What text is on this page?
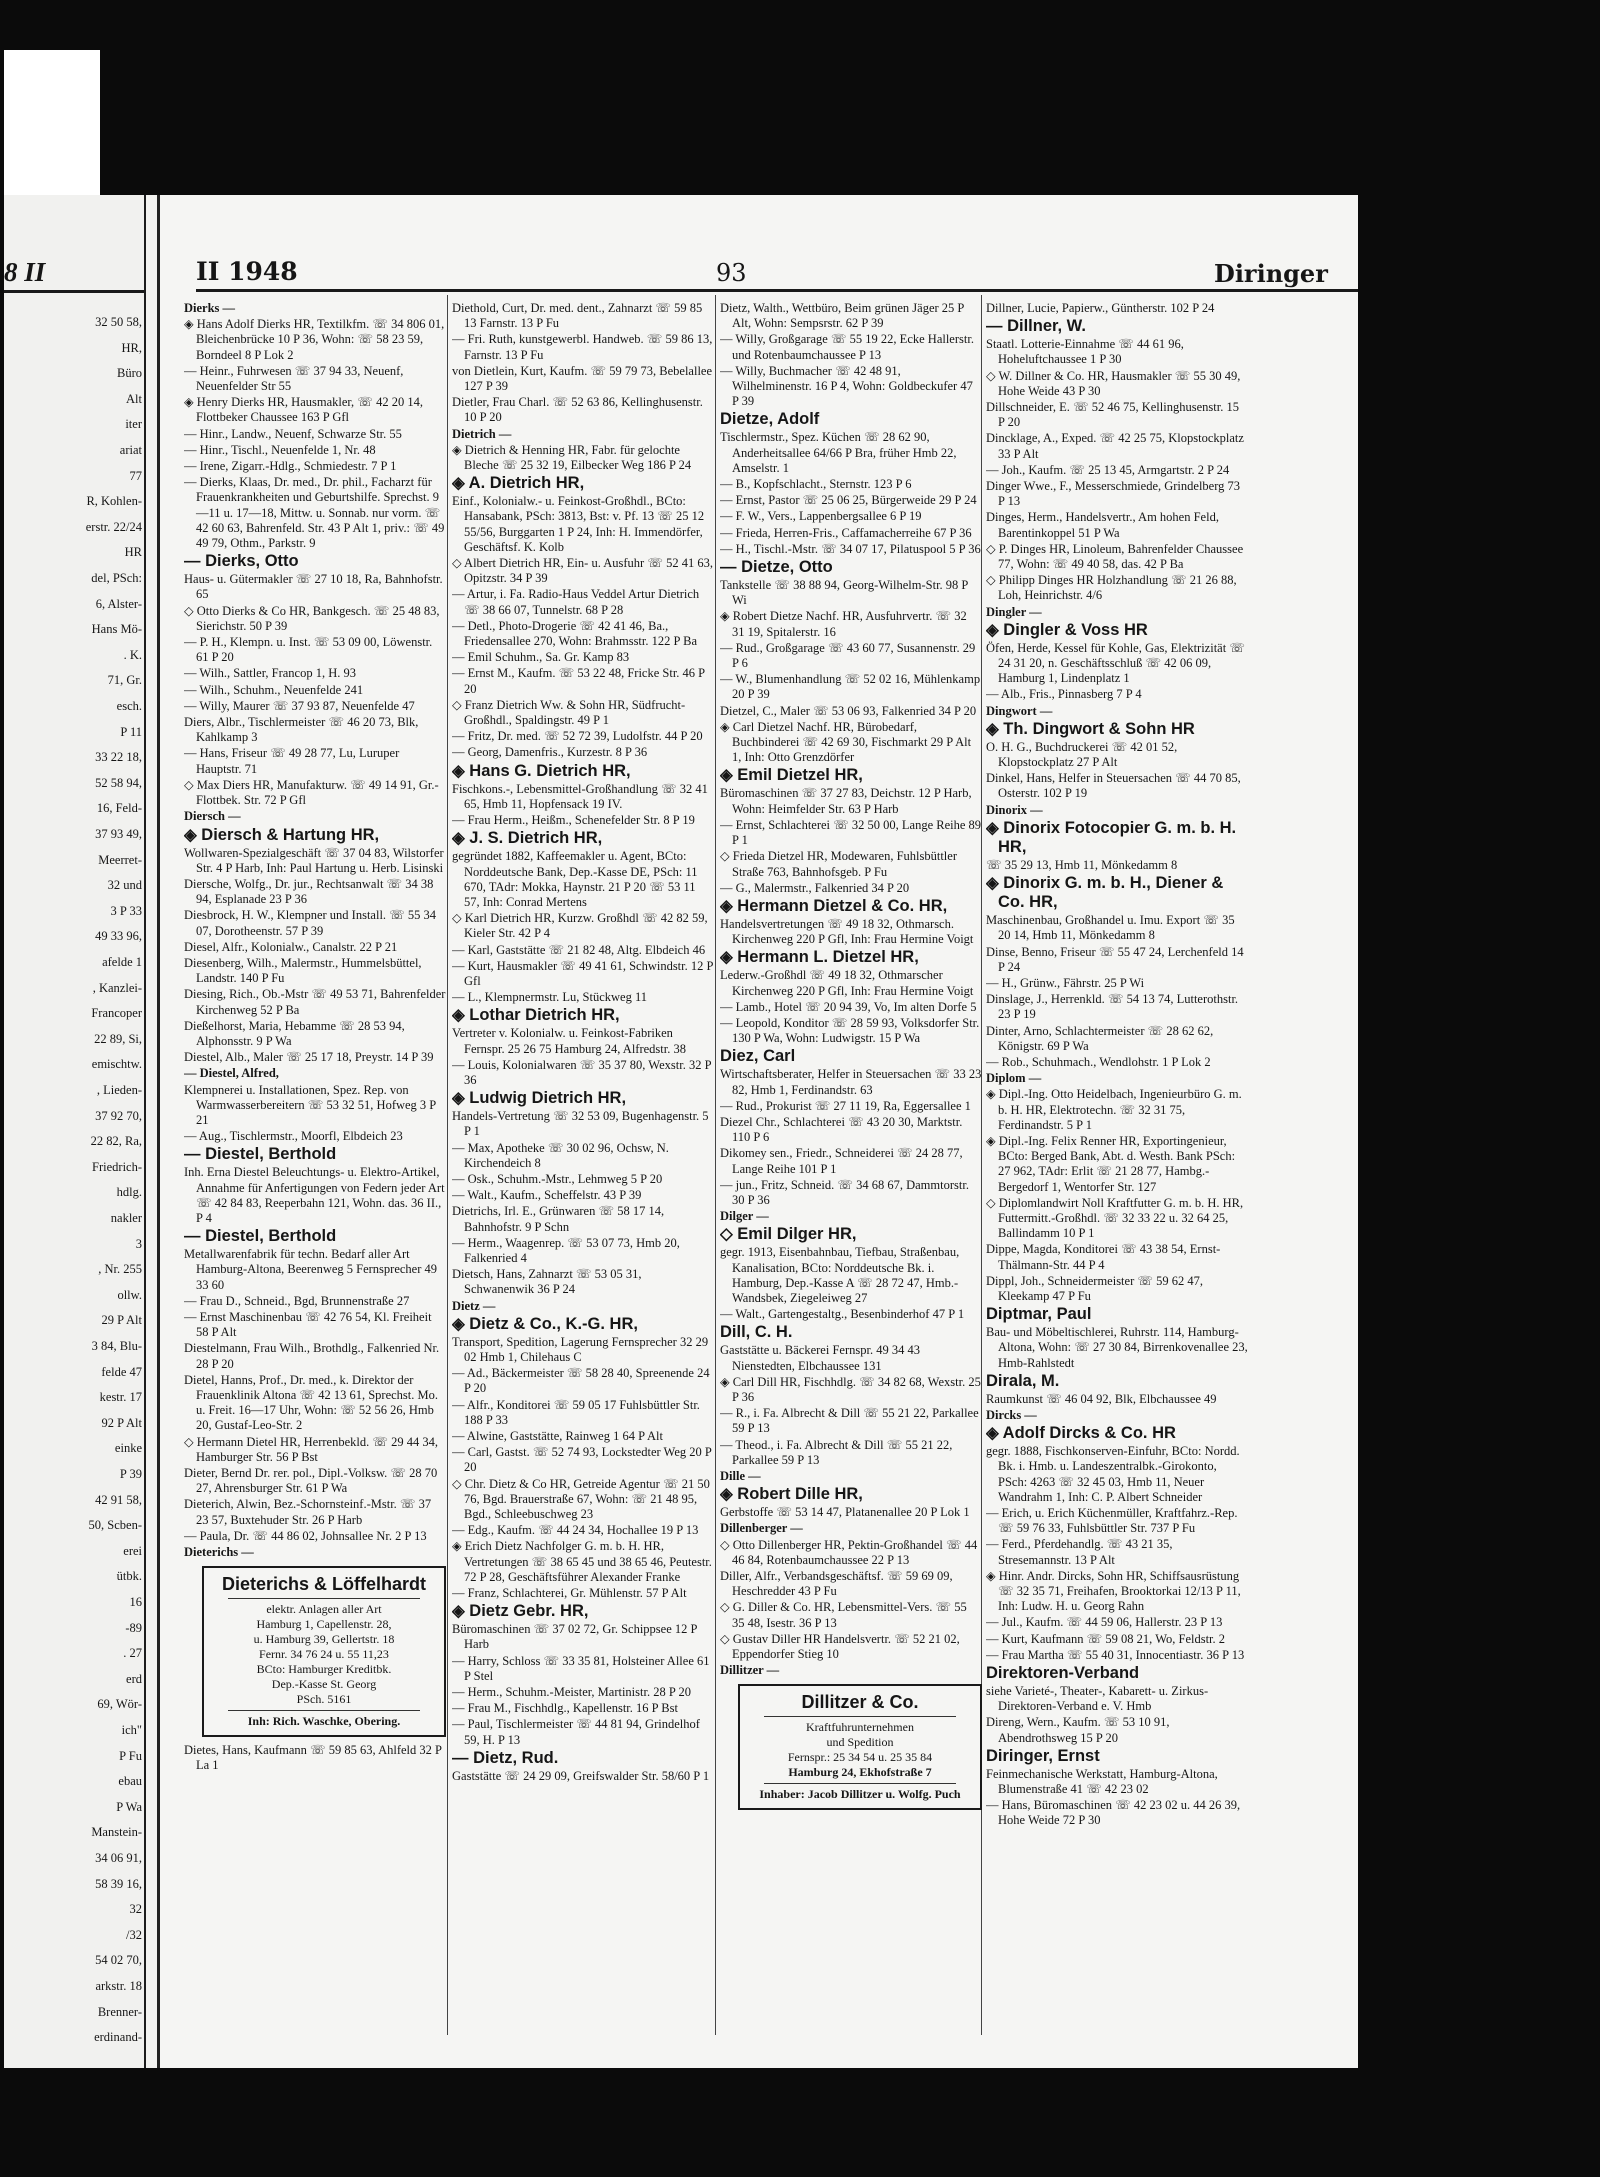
8 II
32 50 58,
HR,
Büro
Alt
iter
ariat
77
R, Kohlen-
erstr. 22/24
HR
del, PSch:
6, Alster-
Hans Mö-
. K.
71, Gr.
esch.
P 11
33 22 18,
52 58 94,
16, Feld-
37 93 49,
Meerret-
32 und
3 P 33
49 33 96,
afelde 1
, Kanzlei-
Francoper
22 89, Si,
emischtw.
, Lieden-
37 92 70,
22 82, Ra,
Friedrich-
hdlg.
nakler
3
, Nr. 255
ollw.
29 P Alt
3 84, Blu-
felde 47
kestr. 17
92 P Alt
einke
P 39
42 91 58,
50, Scben-
erei
ütbk.
16
-89
. 27
erd
69, Wör-
ich"
P Fu
ebau
P Wa
Manstein-
34 06 91,
58 39 16,
32
/32
54 02 70,
arkstr. 18
Brenner-
erdinand-
II 1948	93	Diringer
Dierks —
◈ Hans Adolf Dierks HR, Textilkfm. ☏ 34 806 01, Bleichenbrücke 10 P 36, Wohn: ☏ 58 23 59, Borndeel 8 P Lok 2
— Heinr., Fuhrwesen ☏ 37 94 33, Neuenf, Neuenfelder Str 55
◈ Henry Dierks HR, Hausmakler, ☏ 42 20 14, Flottbeker Chaussee 163 P Gfl
— Hinr., Landw., Neuenf, Schwarze Str. 55
— Hinr., Tischl., Neuenfelde 1, Nr. 48
— Irene, Zigarr.-Hdlg., Schmiedestr. 7 P 1
— Dierks, Klaas, Dr. med., Dr. phil., Facharzt für Frauenkrankheiten und Geburtshilfe. Sprechst. 9—11 u. 17—18, Mittw. u. Sonnab. nur vorm. ☏ 42 60 63, Bahrenfeld. Str. 43 P Alt 1, priv.: ☏ 49 49 79, Othm., Parkstr. 9
— Dierks, Otto
Haus- u. Gütermakler ☏ 27 10 18, Ra, Bahnhofstr. 65
◇ Otto Dierks & Co HR, Bankgesch. ☏ 25 48 83, Sierichstr. 50 P 39
— P. H., Klempn. u. Inst. ☏ 53 09 00, Löwenstr. 61 P 20
— Wilh., Sattler, Francop 1, H. 93
— Wilh., Schuhm., Neuenfelde 241
— Willy, Maurer ☏ 37 93 87, Neuenfelde 47
Diers, Albr., Tischlermeister ☏ 46 20 73, Blk, Kahlkamp 3
— Hans, Friseur ☏ 49 28 77, Lu, Luruper Hauptstr. 71
◇ Max Diers HR, Manufakturw. ☏ 49 14 91, Gr.-Flottbek. Str. 72 P Gfl
Diersch —
◈ Diersch & Hartung HR,
Wollwaren-Spezialgeschäft ☏ 37 04 83, Wilstorfer Str. 4 P Harb, Inh: Paul Hartung u. Herb. Lisinski
Diersche, Wolfg., Dr. jur., Rechtsanwalt ☏ 34 38 94, Esplanade 23 P 36
Diesbrock, H. W., Klempner und Install. ☏ 55 34 07, Dorotheenstr. 57 P 39
Diesel, Alfr., Kolonialw., Canalstr. 22 P 21
Diesenberg, Wilh., Malermstr., Hummelsbüttel, Landstr. 140 P Fu
Diesing, Rich., Ob.-Mstr ☏ 49 53 71, Bahrenfelder Kirchenweg 52 P Ba
Dießelhorst, Maria, Hebamme ☏ 28 53 94, Alphonsstr. 9 P Wa
Diestel, Alb., Maler ☏ 25 17 18, Preystr. 14 P 39
— Diestel, Alfred,
Klempnerei u. Installationen, Spez. Rep. von Warmwasserbereitern ☏ 53 32 51, Hofweg 3 P 21
— Aug., Tischlermstr., Moorfl, Elbdeich 23
— Diestel, Berthold
Inh. Erna Diestel Beleuchtungs- u. Elektro-Artikel, Annahme für Anfertigungen von Federn jeder Art ☏ 42 84 83, Reeperbahn 121, Wohn. das. 36 II., P 4
— Diestel, Berthold
Metallwarenfabrik für techn. Bedarf aller Art Hamburg-Altona, Beerenweg 5 Fernsprecher 49 33 60
— Frau D., Schneid., Bgd, Brunnenstraße 27
— Ernst Maschinenbau ☏ 42 76 54, Kl. Freiheit 58 P Alt
Diestelmann, Frau Wilh., Brothdlg., Falkenried Nr. 28 P 20
Dietel, Hanns, Prof., Dr. med., k. Direktor der Frauenklinik Altona ☏ 42 13 61, Sprechst. Mo. u. Freit. 16—17 Uhr, Wohn: ☏ 52 56 26, Hmb 20, Gustaf-Leo-Str. 2
◇ Hermann Dietel HR, Herrenbekld. ☏ 29 44 34, Hamburger Str. 56 P Bst
Dieter, Bernd Dr. rer. pol., Dipl.-Volksw. ☏ 28 70 27, Ahrensburger Str. 61 P Wa
Dieterich, Alwin, Bez.-Schornsteinf.-Mstr. ☏ 37 23 57, Buxtehuder Str. 26 P Harb
— Paula, Dr. ☏ 44 86 02, Johnsallee Nr. 2 P 13
Dieterichs —
Dieterichs & Löffelhardt
elektr. Anlagen aller Art
Hamburg 1, Capellenstr. 28,
u. Hamburg 39, Gellertstr. 18
Fernr. 34 76 24 u. 55 11,23
BCto: Hamburger Kreditbk.
Dep.-Kasse St. Georg
PSch. 5161
Inh: Rich. Waschke, Obering.
Dietes, Hans, Kaufmann ☏ 59 85 63, Ahlfeld 32 P La 1
Diethold, Curt, Dr. med. dent., Zahnarzt ☏ 59 85 13 Farnstr. 13 P Fu
— Fri. Ruth, kunstgewerbl. Handweb. ☏ 59 86 13, Farnstr. 13 P Fu
von Dietlein, Kurt, Kaufm. ☏ 59 79 73, Bebelallee 127 P 39
Dietler, Frau Charl. ☏ 52 63 86, Kellinghusenstr. 10 P 20
Dietrich —
◈ Dietrich & Henning HR, Fabr. für gelochte Bleche ☏ 25 32 19, Eilbecker Weg 186 P 24
◈ A. Dietrich HR,
Einf., Kolonialw.- u. Feinkost-Großhdl., BCto: Hansabank, PSch: 3813, Bst: v. Pf. 13 ☏ 25 12 55/56, Burggarten 1 P 24, Inh: H. Immendörfer, Geschäftsf. K. Kolb
◇ Albert Dietrich HR, Ein- u. Ausfuhr ☏ 52 41 63, Opitzstr. 34 P 39
— Artur, i. Fa. Radio-Haus Veddel Artur Dietrich ☏ 38 66 07, Tunnelstr. 68 P 28
— Detl., Photo-Drogerie ☏ 42 41 46, Ba., Friedensallee 270, Wohn: Brahmsstr. 122 P Ba
— Emil Schuhm., Sa. Gr. Kamp 83
— Ernst M., Kaufm. ☏ 53 22 48, Fricke Str. 46 P 20
◇ Franz Dietrich Ww. & Sohn HR, Südfrucht-Großhdl., Spaldingstr. 49 P 1
— Fritz, Dr. med. ☏ 52 72 39, Ludolfstr. 44 P 20
— Georg, Damenfris., Kurzestr. 8 P 36
◈ Hans G. Dietrich HR,
Fischkons.-, Lebensmittel-Großhandlung ☏ 32 41 65, Hmb 11, Hopfensack 19 IV.
— Frau Herm., Heißm., Schenefelder Str. 8 P 19
◈ J. S. Dietrich HR,
gegründet 1882, Kaffeemakler u. Agent, BCto: Norddeutsche Bank, Dep.-Kasse DE, PSch: 11 670, TAdr: Mokka, Haynstr. 21 P 20 ☏ 53 11 57, Inh: Conrad Mertens
◇ Karl Dietrich HR, Kurzw. Großhdl ☏ 42 82 59, Kieler Str. 42 P 4
— Karl, Gaststätte ☏ 21 82 48, Altg. Elbdeich 46
— Kurt, Hausmakler ☏ 49 41 61, Schwindstr. 12 P Gfl
— L., Klempnermstr. Lu, Stückweg 11
◈ Lothar Dietrich HR,
Vertreter v. Kolonialw. u. Feinkost-Fabriken Fernspr. 25 26 75 Hamburg 24, Alfredstr. 38
— Louis, Kolonialwaren ☏ 35 37 80, Wexstr. 32 P 36
◈ Ludwig Dietrich HR,
Handels-Vertretung ☏ 32 53 09, Bugenhagenstr. 5 P 1
— Max, Apotheke ☏ 30 02 96, Ochsw, N. Kirchendeich 8
— Osk., Schuhm.-Mstr., Lehmweg 5 P 20
— Walt., Kaufm., Scheffelstr. 43 P 39
Dietrichs, Irl. E., Grünwaren ☏ 58 17 14, Bahnhofstr. 9 P Schn
— Herm., Waagenrep. ☏ 53 07 73, Hmb 20, Falkenried 4
Dietsch, Hans, Zahnarzt ☏ 53 05 31, Schwanenwik 36 P 24
Dietz —
◈ Dietz & Co., K.-G. HR,
Transport, Spedition, Lagerung Fernsprecher 32 29 02 Hmb 1, Chilehaus C
— Ad., Bäckermeister ☏ 58 28 40, Spreenende 24 P 20
— Alfr., Konditorei ☏ 59 05 17 Fuhlsbüttler Str. 188 P 33
— Alwine, Gaststätte, Rainweg 1 64 P Alt
— Carl, Gastst. ☏ 52 74 93, Lockstedter Weg 20 P 20
◇ Chr. Dietz & Co HR, Getreide Agentur ☏ 21 50 76, Bgd. Brauerstraße 67, Wohn: ☏ 21 48 95, Bgd., Schleebuschweg 23
— Edg., Kaufm. ☏ 44 24 34, Hochallee 19 P 13
◈ Erich Dietz Nachfolger G. m. b. H. HR, Vertretungen ☏ 38 65 45 und 38 65 46, Peutestr. 72 P 28, Geschäftsführer Alexander Franke
— Franz, Schlachterei, Gr. Mühlenstr. 57 P Alt
◈ Dietz Gebr. HR,
Büromaschinen ☏ 37 02 72, Gr. Schippsee 12 P Harb
— Harry, Schloss ☏ 33 35 81, Holsteiner Allee 61 P Stel
— Herm., Schuhm.-Meister, Martinistr. 28 P 20
— Frau M., Fischhdlg., Kapellenstr. 16 P Bst
— Paul, Tischlermeister ☏ 44 81 94, Grindelhof 59, H. P 13
— Dietz, Rud.
Gaststätte ☏ 24 29 09, Greifswalder Str. 58/60 P 1
Dietz, Walth., Wettbüro, Beim grünen Jäger 25 P Alt, Wohn: Sempsrstr. 62 P 39
— Willy, Großgarage ☏ 55 19 22, Ecke Hallerstr. und Rotenbaumchaussee P 13
— Willy, Buchmacher ☏ 42 48 91, Wilhelminenstr. 16 P 4, Wohn: Goldbeckufer 47 P 39
Dietze, Adolf
Tischlermstr., Spez. Küchen ☏ 28 62 90, Anderheitsallee 64/66 P Bra, früher Hmb 22, Amselstr. 1
— B., Kopfschlacht., Sternstr. 123 P 6
— Ernst, Pastor ☏ 25 06 25, Bürgerweide 29 P 24
— F. W., Vers., Lappenbergsallee 6 P 19
— Frieda, Herren-Fris., Caffamacherreihe 67 P 36
— H., Tischl.-Mstr. ☏ 34 07 17, Pilatuspool 5 P 36
— Dietze, Otto
Tankstelle ☏ 38 88 94, Georg-Wilhelm-Str. 98 P Wi
◈ Robert Dietze Nachf. HR, Ausfuhrvertr. ☏ 32 31 19, Spitalerstr. 16
— Rud., Großgarage ☏ 43 60 77, Susannenstr. 29 P 6
— W., Blumenhandlung ☏ 52 02 16, Mühlenkamp 20 P 39
Dietzel, C., Maler ☏ 53 06 93, Falkenried 34 P 20
◈ Carl Dietzel Nachf. HR, Bürobedarf, Buchbinderei ☏ 42 69 30, Fischmarkt 29 P Alt 1, Inh: Otto Grenzdörfer
◈ Emil Dietzel HR,
Büromaschinen ☏ 37 27 83, Deichstr. 12 P Harb, Wohn: Heimfelder Str. 63 P Harb
— Ernst, Schlachterei ☏ 32 50 00, Lange Reihe 89 P 1
◇ Frieda Dietzel HR, Modewaren, Fuhlsbüttler Straße 763, Bahnhofsgeb. P Fu
— G., Malermstr., Falkenried 34 P 20
◈ Hermann Dietzel & Co. HR,
Handelsvertretungen ☏ 49 18 32, Othmarsch. Kirchenweg 220 P Gfl, Inh: Frau Hermine Voigt
◈ Hermann L. Dietzel HR,
Lederw.-Großhdl ☏ 49 18 32, Othmarscher Kirchenweg 220 P Gfl, Inh: Frau Hermine Voigt
— Lamb., Hotel ☏ 20 94 39, Vo, Im alten Dorfe 5
— Leopold, Konditor ☏ 28 59 93, Volksdorfer Str. 130 P Wa, Wohn: Ludwigstr. 15 P Wa
Diez, Carl
Wirtschaftsberater, Helfer in Steuersachen ☏ 33 23 82, Hmb 1, Ferdinandstr. 63
— Rud., Prokurist ☏ 27 11 19, Ra, Eggersallee 1
Diezel Chr., Schlachterei ☏ 43 20 30, Marktstr. 110 P 6
Dikomey sen., Friedr., Schneiderei ☏ 24 28 77, Lange Reihe 101 P 1
— jun., Fritz, Schneid. ☏ 34 68 67, Dammtorstr. 30 P 36
Dilger —
◇ Emil Dilger HR,
gegr. 1913, Eisenbahnbau, Tiefbau, Straßenbau, Kanalisation, BCto: Norddeutsche Bk. i. Hamburg, Dep.-Kasse A ☏ 28 72 47, Hmb.-Wandsbek, Ziegeleiweg 27
— Walt., Gartengestaltg., Besenbinderhof 47 P 1
Dill, C. H.
Gaststätte u. Bäckerei Fernspr. 49 34 43 Nienstedten, Elbchaussee 131
◈ Carl Dill HR, Fischhdlg. ☏ 34 82 68, Wexstr. 25 P 36
— R., i. Fa. Albrecht & Dill ☏ 55 21 22, Parkallee 59 P 13
— Theod., i. Fa. Albrecht & Dill ☏ 55 21 22, Parkallee 59 P 13
Dille —
◈ Robert Dille HR,
Gerbstoffe ☏ 53 14 47, Platanenallee 20 P Lok 1
Dillenberger —
◇ Otto Dillenberger HR, Pektin-Großhandel ☏ 44 46 84, Rotenbaumchaussee 22 P 13
Diller, Alfr., Verbandsgeschäftsf. ☏ 59 69 09, Heschredder 43 P Fu
◇ G. Diller & Co. HR, Lebensmittel-Vers. ☏ 55 35 48, Isestr. 36 P 13
◇ Gustav Diller HR Handelsvertr. ☏ 52 21 02, Eppendorfer Stieg 10
Dillitzer —
Dillitzer & Co.
Kraftfuhrunternehmen
und Spedition
Fernspr.: 25 34 54 u. 25 35 84
Hamburg 24, Ekhofstraße 7
Inhaber: Jacob Dillitzer u. Wolfg. Puch
Dillner, Lucie, Papierw., Güntherstr. 102 P 24
— Dillner, W.
Staatl. Lotterie-Einnahme ☏ 44 61 96, Hoheluftchaussee 1 P 30
◇ W. Dillner & Co. HR, Hausmakler ☏ 55 30 49, Hohe Weide 43 P 30
Dillschneider, E. ☏ 52 46 75, Kellinghusenstr. 15 P 20
Dincklage, A., Exped. ☏ 42 25 75, Klopstockplatz 33 P Alt
— Joh., Kaufm. ☏ 25 13 45, Armgartstr. 2 P 24
Dinger Wwe., F., Messerschmiede, Grindelberg 73 P 13
Dinges, Herm., Handelsvertr., Am hohen Feld, Barentinkoppel 51 P Wa
◇ P. Dinges HR, Linoleum, Bahrenfelder Chaussee 77, Wohn: ☏ 49 40 58, das. 42 P Ba
◇ Philipp Dinges HR Holzhandlung ☏ 21 26 88, Loh, Heinrichstr. 4/6
Dingler —
◈ Dingler & Voss HR
Öfen, Herde, Kessel für Kohle, Gas, Elektrizität ☏ 24 31 20, n. Geschäftsschluß ☏ 42 06 09, Hamburg 1, Lindenplatz 1
— Alb., Fris., Pinnasberg 7 P 4
Dingwort —
◈ Th. Dingwort & Sohn HR
O. H. G., Buchdruckerei ☏ 42 01 52, Klopstockplatz 27 P Alt
Dinkel, Hans, Helfer in Steuersachen ☏ 44 70 85, Osterstr. 102 P 19
Dinorix —
◈ Dinorix Fotocopier G. m. b. H. HR,
☏ 35 29 13, Hmb 11, Mönkedamm 8
◈ Dinorix G. m. b. H., Diener & Co. HR,
Maschinenbau, Großhandel u. Imu. Export ☏ 35 20 14, Hmb 11, Mönkedamm 8
Dinse, Benno, Friseur ☏ 55 47 24, Lerchenfeld 14 P 24
— H., Grünw., Fährstr. 25 P Wi
Dinslage, J., Herrenkld. ☏ 54 13 74, Lutterothstr. 23 P 19
Dinter, Arno, Schlachtermeister ☏ 28 62 62, Königstr. 69 P Wa
— Rob., Schuhmach., Wendlohstr. 1 P Lok 2
Diplom —
◈ Dipl.-Ing. Otto Heidelbach, Ingenieurbüro G. m. b. H. HR, Elektrotechn. ☏ 32 31 75, Ferdinandstr. 5 P 1
◈ Dipl.-Ing. Felix Renner HR, Exportingenieur, BCto: Berged Bank, Abt. d. Westh. Bank PSch: 27 962, TAdr: Erlit ☏ 21 28 77, Hambg.-Bergedorf 1, Wentorfer Str. 127
◇ Diplomlandwirt Noll Kraftfutter G. m. b. H. HR, Futtermitt.-Großhdl. ☏ 32 33 22 u. 32 64 25, Ballindamm 10 P 1
Dippe, Magda, Konditorei ☏ 43 38 54, Ernst-Thälmann-Str. 44 P 4
Dippl, Joh., Schneidermeister ☏ 59 62 47, Kleekamp 47 P Fu
Diptmar, Paul
Bau- und Möbeltischlerei, Ruhrstr. 114, Hamburg-Altona, Wohn: ☏ 27 30 84, Birrenkovenallee 23, Hmb-Rahlstedt
Dirala, M.
Raumkunst ☏ 46 04 92, Blk, Elbchaussee 49
Dircks —
◈ Adolf Dircks & Co. HR
gegr. 1888, Fischkonserven-Einfuhr, BCto: Nordd. Bk. i. Hmb. u. Landeszentralbk.-Girokonto, PSch: 4263 ☏ 32 45 03, Hmb 11, Neuer Wandrahm 1, Inh: C. P. Albert Schneider
— Erich, u. Erich Küchenmüller, Kraftfahrz.-Rep. ☏ 59 76 33, Fuhlsbüttler Str. 737 P Fu
— Ferd., Pferdehandlg. ☏ 43 21 35, Stresemannstr. 13 P Alt
◈ Hinr. Andr. Dircks, Sohn HR, Schiffsausrüstung ☏ 32 35 71, Freihafen, Brooktorkai 12/13 P 11, Inh: Ludw. H. u. Georg Rahn
— Jul., Kaufm. ☏ 44 59 06, Hallerstr. 23 P 13
— Kurt, Kaufmann ☏ 59 08 21, Wo, Feldstr. 2
— Frau Martha ☏ 55 40 31, Innocentiastr. 36 P 13
Direktoren-Verband
siehe Varieté-, Theater-, Kabarett- u. Zirkus-Direktoren-Verband e. V. Hmb
Direng, Wern., Kaufm. ☏ 53 10 91, Abendrothsweg 15 P 20
Diringer, Ernst
Feinmechanische Werkstatt, Hamburg-Altona, Blumenstraße 41 ☏ 42 23 02
— Hans, Büromaschinen ☏ 42 23 02 u. 44 26 39, Hohe Weide 72 P 30
